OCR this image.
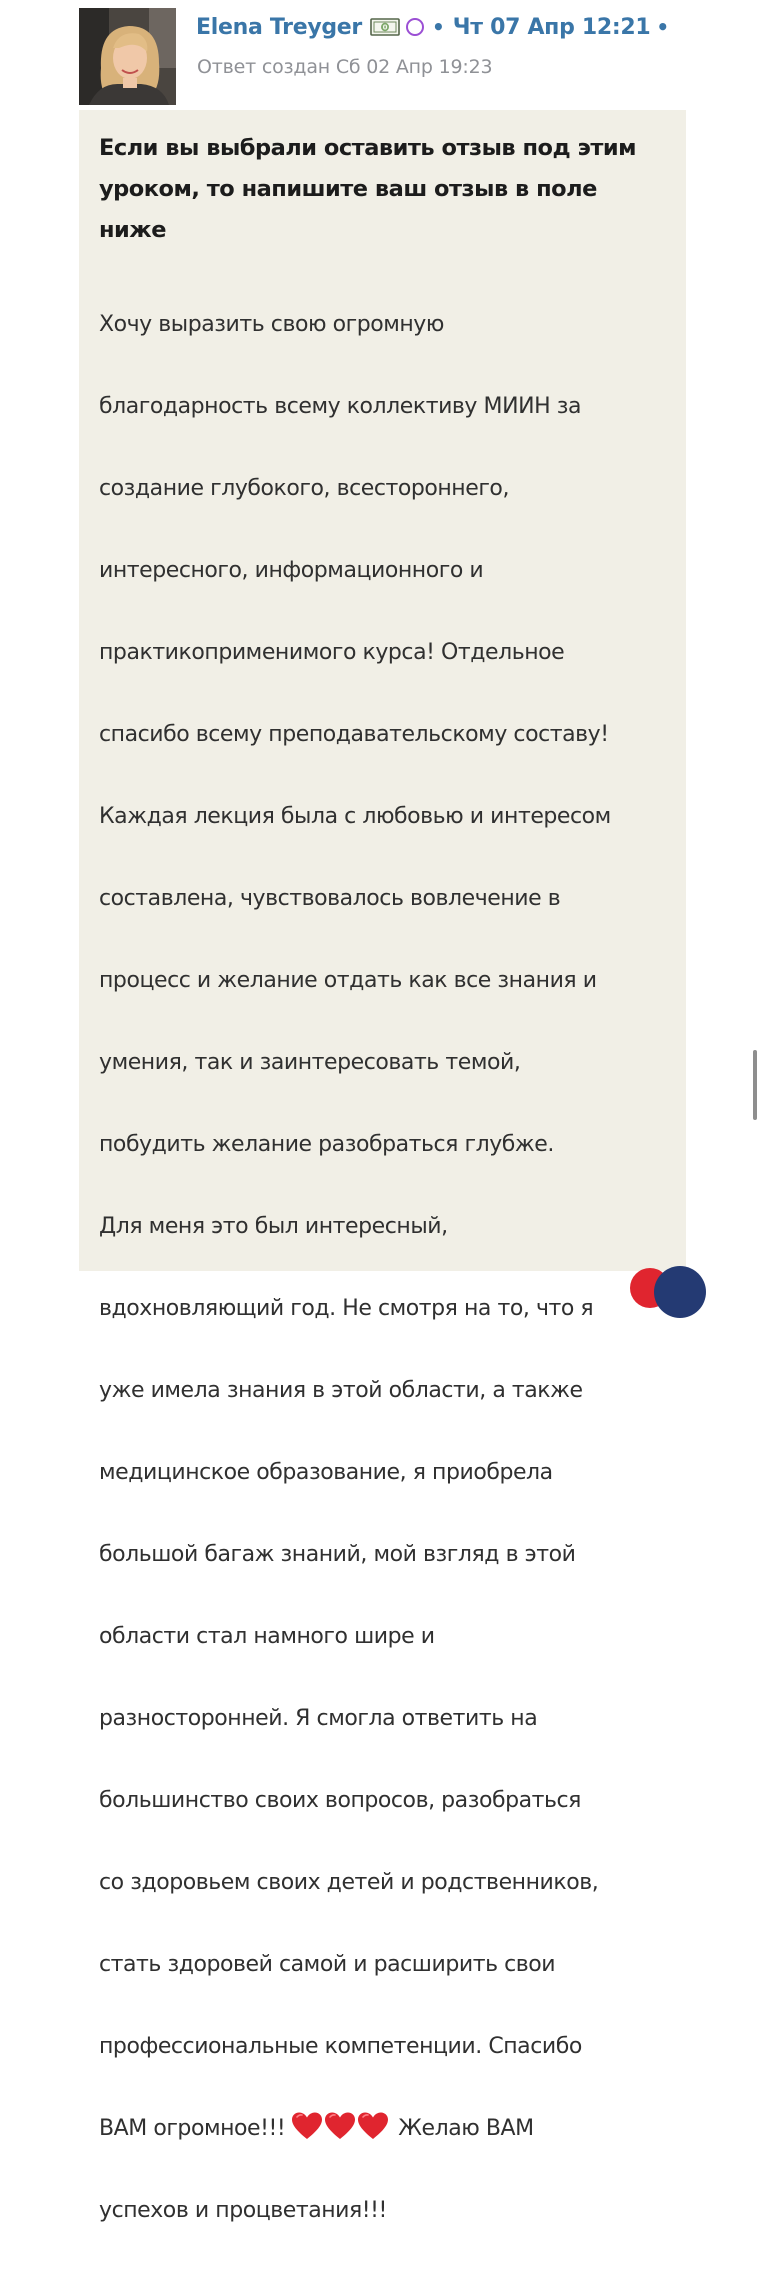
Elena Treyger	0 • Чт 07 Апр 12:21 •
Ответ создан Сб 02 Апр 19:23
Если вы выбрали оставить отзыв под этим
уроком, то напишите ваш отзыв в поле
ниже

Хочу выразить свою огромную

благодарность всему коллективу МИИН за

создание глубокого, всестороннего,

интересного, информационного и

практикоприменимого курса! Отдельное

спасибо всему преподавательскому составу!

Каждая лекция была с любовью и интересом

составлена, чувствовалось вовлечение в

процесс и желание отдать как все знания и

умения, так и заинтересовать темой,

побудить желание разобраться глубже.

Для меня это был интересный,

вдохновляющий год. Не смотря на то, что я

уже имела знания в этой области, а также

медицинское образование, я приобрела

большой багаж знаний, мой взгляд в этой

области стал намного шире и

разносторонней. Я смогла ответить на

большинство своих вопросов, разобраться

со здоровьем своих детей и родственников,

стать здоровей самой и расширить свои

профессиональные компетенции. Спасибо

ВАМ огромное!!!	Желаю ВАМ

успехов и процветания!!!
